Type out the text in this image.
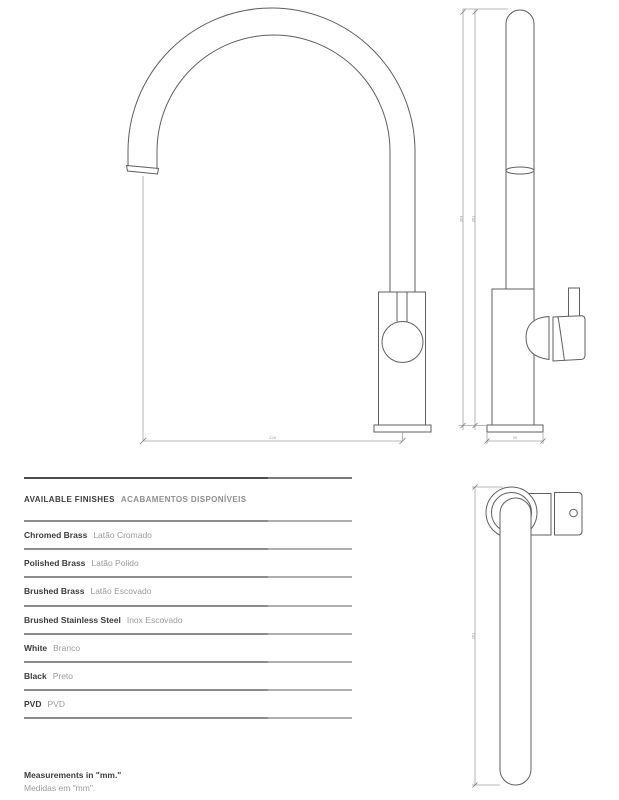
228
364 361
50
261
AVAILABLE FINISHES ACABAMENTOS DISPONÍVEIS
Chromed Brass Latão Cromado
Polished Brass Latão Polido
Brushed Brass Latão Escovado
Brushed Stainless Steel Inox Escovado
White Branco
Black Preto
PVD PVD
Measurements in "mm."
Medidas em "mm".
